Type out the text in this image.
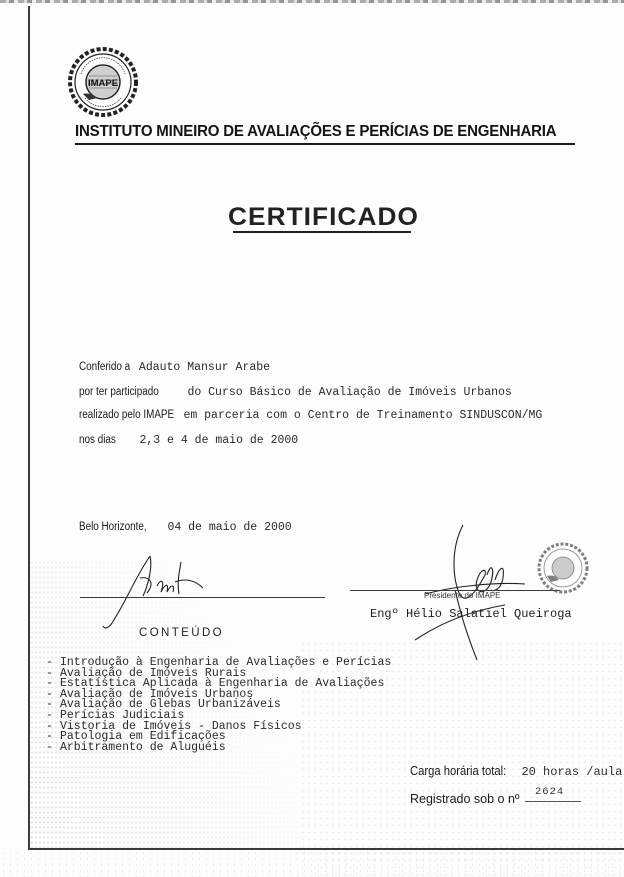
IMAPE
INSTITUTO MINEIRO DE AVALIAÇÕES E PERÍCIAS DE ENGENHARIA
CERTIFICADO
Conferido a Adauto Mansur Arabe
por ter participado do Curso Básico de Avaliação de Imóveis Urbanos
realizado pelo IMAPE em parceria com o Centro de Treinamento SINDUSCON/MG
nos dias 2,3 e 4 de maio de 2000
Belo Horizonte, 04 de maio de 2000
CONTEÚDO
Presidente do IMAPE
Engº Hélio Salatiel Queiroga
- Introdução à Engenharia de Avaliações e Perícias
- Avaliação de Imóveis Rurais
- Estatística Aplicada à Engenharia de Avaliações
- Avaliação de Imóveis Urbanos
- Avaliação de Glebas Urbanizáveis
- Perícias Judiciais
- Vistoria de Imóveis - Danos Físicos
- Patologia em Edificações
- Arbitramento de Aluguéis
Carga horária total: 20 horas /aula
Registrado sob o nº 2624
